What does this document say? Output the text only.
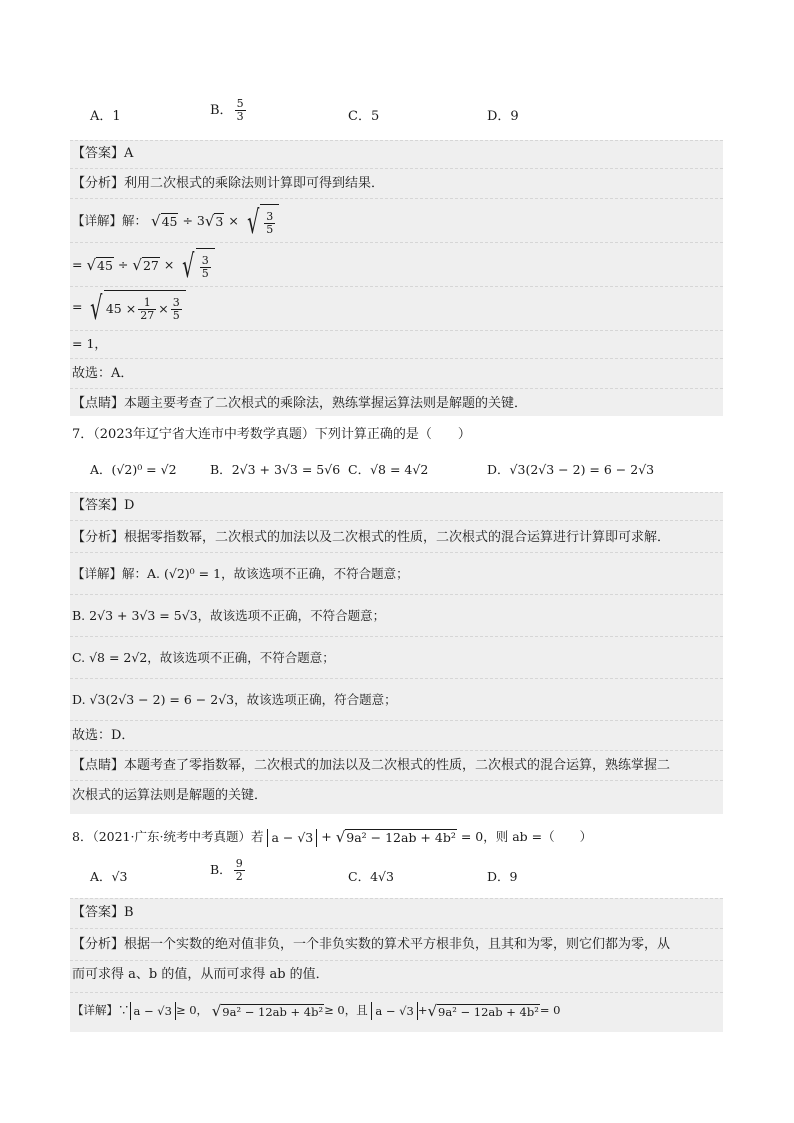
A．1	B． $\frac{5}{3}$	C．5	D．9
【答案】A
【分析】利用二次根式的乘除法则计算即可得到结果．
【详解】解： √45 ÷ 3√3 × √ $\frac{3}{5}$
= √45 ÷ √27 × √ $\frac{3}{5}$
= √ $45 \times \frac{1}{27} \times \frac{3}{5}$
= 1，
故选：A．
【点睛】本题主要考查了二次根式的乘除法，熟练掌握运算法则是解题的关键．
7．（2023年辽宁省大连市中考数学真题）下列计算正确的是（　　）
A．(√2)⁰ = √2	B．2√3 + 3√3 = 5√6 C．√8 = 4√2	D．√3(2√3 − 2) = 6 − 2√3
【答案】D
【分析】根据零指数幂，二次根式的加法以及二次根式的性质，二次根式的混合运算进行计算即可求解．
【详解】解：A. (√2)⁰ = 1，故该选项不正确，不符合题意；
B. 2√3 + 3√3 = 5√3，故该选项不正确，不符合题意；
C. √8 = 2√2，故该选项不正确，不符合题意；
D. √3(2√3 − 2) = 6 − 2√3，故该选项正确，符合题意；
故选：D．
【点睛】本题考查了零指数幂，二次根式的加法以及二次根式的性质，二次根式的混合运算，熟练掌握二
次根式的运算法则是解题的关键．
8．（2021·广东·统考中考真题）若 a − √3 + √9a² − 12ab + 4b² = 0，则 ab =（　　）
A．√3	B． $\frac{9}{2}$	C．4√3	D．9
【答案】B
【分析】根据一个实数的绝对值非负，一个非负实数的算术平方根非负，且其和为零，则它们都为零，从
而可求得 a、b 的值，从而可求得 ab 的值．
【详解】∵ a − √3 ≥ 0， √9a² − 12ab + 4b²≥ 0，且 a − √3 +√9a² − 12ab + 4b²= 0
